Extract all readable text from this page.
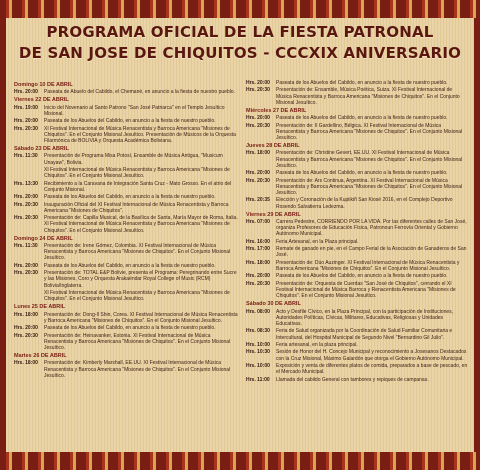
PROGRAMA OFICIAL DE LA FIESTA PATRONAL
DE SAN JOSE DE CHIQUITOS - CCCXIX ANIVERSARIO
Domingo 10 DE ABRIL
Hrs. 20:00	Paseata de Abuelo del Cabildo, el Chemané, en anuncio a la fiesta de nuestro pueblo.
Viernes 22 DE ABRIL
Hrs. 19:00	Inicio del Novenario al Santo Patrono "San José Patriarca" en el Templo Jesuítico Misional.
Hrs. 20:00	Paseata de los Abuelos del Cabildo, en anuncio a la fiesta de nuestro pueblo.
Hrs. 20:30	XI Festival Internacional de Música Renacentista y Barroca Americana "Misiones de Chiquitos". En el Conjunto Misional Jesuítico. Presentación de Músicos de la Orquesta Filarmónica de BOLIVIA y Orquesta Académica Boliviana.
Sábado 23 DE ABRIL
Hrs. 11:30	Presentación de Programa Misa Potosí, Ensamble de Música Antigua, "Musicum Unayaw", Bolivia.
XI Festival Internacional de Música Renacentista y Barroca Americana "Misiones de Chiquitos". En el Conjunto Misional Jesuítico.
Hrs. 13:30	Recibimiento a la Caravana de Integración Santa Cruz - Mato Grosso. En el atrio del Conjunto Misional.
Hrs. 20:00	Paseata de los Abuelos del Cabildo, en anuncio a la fiesta de nuestro pueblo.
Hrs. 20:30	Inauguración Oficial del XI Festival Internacional de Música Renacentista y Barroca Americana "Misiones de Chiquitos".
Hrs. 20:30	Presentación de: Capilla Musical, de la Basílica de Santa, María Mayor de Roma, Italia. XI Festival Internacional de Música Renacentista y Barroca Americana "Misiones de Chiquitos". En el Conjunto Misional Jesuítico.
Domingo 24 DE ABRIL
Hrs. 11:30	Presentación de: Irene Gómez, Colombia. XI Festival Internacional de Música Renacentista y Barroca Americana "Misiones de Chiquitos". En el Conjunto Misional Jesuítico.
Hrs. 20:00	Paseata de los Abuelos del Cabildo, en anuncio a la fiesta de nuestro pueblo.
Hrs. 20:30	Presentación de: TOTAL E&P Bolivie, presenta el Programa: Peregrinando entre Sucre y las Misiones, Coro y Orquesta Arakaëndar Royal College of Music (RCM) Bolivia/Inglaterra.
XI Festival Internacional de Música Renacentista y Barroca Americana "Misiones de Chiquitos". En el Conjunto Misional Jesuítico.
Lunes 25 DE ABRIL
Hrs. 18:00	Presentación de: Dong-Il Shin, Corea. XI Festival Internacional de Música Renacentista y Barroca Americana "Misiones de Chiquitos". En el Conjunto Misional Jesuítico.
Hrs. 20:00	Paseata de los Abuelos del Cabildo, en anuncio a la fiesta de nuestro pueblo.
Hrs. 20:30	Presentación de: Heinavanker, Estonia. XI Festival Internacional de Música Renacentista y Barroca Americana "Misiones de Chiquitos". En el Conjunto Misional Jesuítico.
Martes 26 DE ABRIL
Hrs. 18:00	Presentación de: Kimberly Marshall, EE.UU. XI Festival Internacional de Música Renacentista y Barroca Americana "Misiones de Chiquitos". En el Conjunto Misional Jesuítico.
Hrs. 20:00	Paseata de los Abuelos del Cabildo, en anuncio a la fiesta de nuestro pueblo.
Hrs. 20:30	Presentación de: Ensamble, Música Poética, Suiza. XI Festival Internacional de Música Renacentista y Barroca Americana "Misiones de Chiquitos". En el Conjunto Misional Jesuítico.
Miércoles 27 DE ABRIL
Hrs. 20:00	Paseata de los Abuelos del Cabildo, en anuncio a la fiesta de nuestro pueblo.
Hrs. 20:30	Presentación de: Il Gardellino, Bélgica. XI Festival Internacional de Música Renacentista y Barroca Americana "Misiones de Chiquitos". En el Conjunto Misional Jesuítico.
Jueves 28 DE ABRIL
Hrs. 18:00	Presentación de: Christine Gevert, EE.UU. XI Festival Internacional de Música Renacentista y Barroca Americana "Misiones de Chiquitos". En el Conjunto Misional Jesuítico.
Hrs. 20:00	Paseata de los Abuelos del Cabildo, en anuncio a la fiesta de nuestro pueblo.
Hrs. 20:30	Presentación de: Ars Continua, Argentina. XI Festival Internacional de Música Renacentista y Barroca Americana "Misiones de Chiquitos". En el Conjunto Misional Jesuítico.
Hrs. 20:35	Elección y Coronación de la Kupiikiñ San Kiosé 2016, en el Complejo Deportivo Rosendo Salvatierra Ledezma.
Viernes 29 DE ABRIL
Hrs. 07:00	Carrera Pedestre, CORRIENDO POR LA VIDA. Por las diferentes calles de San José, organiza Profesores de Educación Física, Patronoun Ferrovía Oriental y Gobierno Autónomo Municipal.
Hrs. 16:00	Feria Artesanal, en la Plaza principal.
Hrs. 17:00	Remate de ganado en pie, en el Campo Ferial de la Asociación de Ganaderos de San José.
Hrs. 18:00	Presentación de: Dúo Auzinger. XI Festival Internacional de Música Renacentista y Barroca Americana "Misiones de Chiquitos". En el Conjunto Misional Jesuítico.
Hrs. 20:00	Paseata de los Abuelos del Cabildo, en anuncio a la fiesta de nuestro pueblo.
Hrs. 20:30	Presentación de: Orquesta de Cuerdas "San José de Chiquitos", cerrando el XI Festival Internacional de Música Barroca y Renacentista Americana "Misiones de Chiquitos". En el Conjunto Misional Jesuítico.
Sábado 30 DE ABRIL
Hrs. 08:00	Acto y Desfile Cívico, en la Plaza Principal, con la participación de Instituciones, Autoridades Políticas, Cívicas, Militares, Educativas, Religiosas y Unidades Educativas.
Hrs. 08:30	Feria de Salud organizada por la Coordinación de Salud Familiar Comunitaria e Intercultural, del Hospital Municipal de Segundo Nivel "Bernardino Gil Julio".
Hrs. 10:00	Feria artesanal, en la plaza principal.
Hrs. 10:30	Sesión de Honor del H. Concejo Municipal y reconocimiento a Josesanos Destacados con la Cruz Misional, Máximo Galardón que otorga el Gobierno Autónomo Municipal.
Hrs. 10:00	Exposición y venta de diferentes platos de comida, preparados a base de pescado, en el Mercado Municipal.
Hrs. 11:00	Llamada del cabildo General con tambores y repiques de campanas.
